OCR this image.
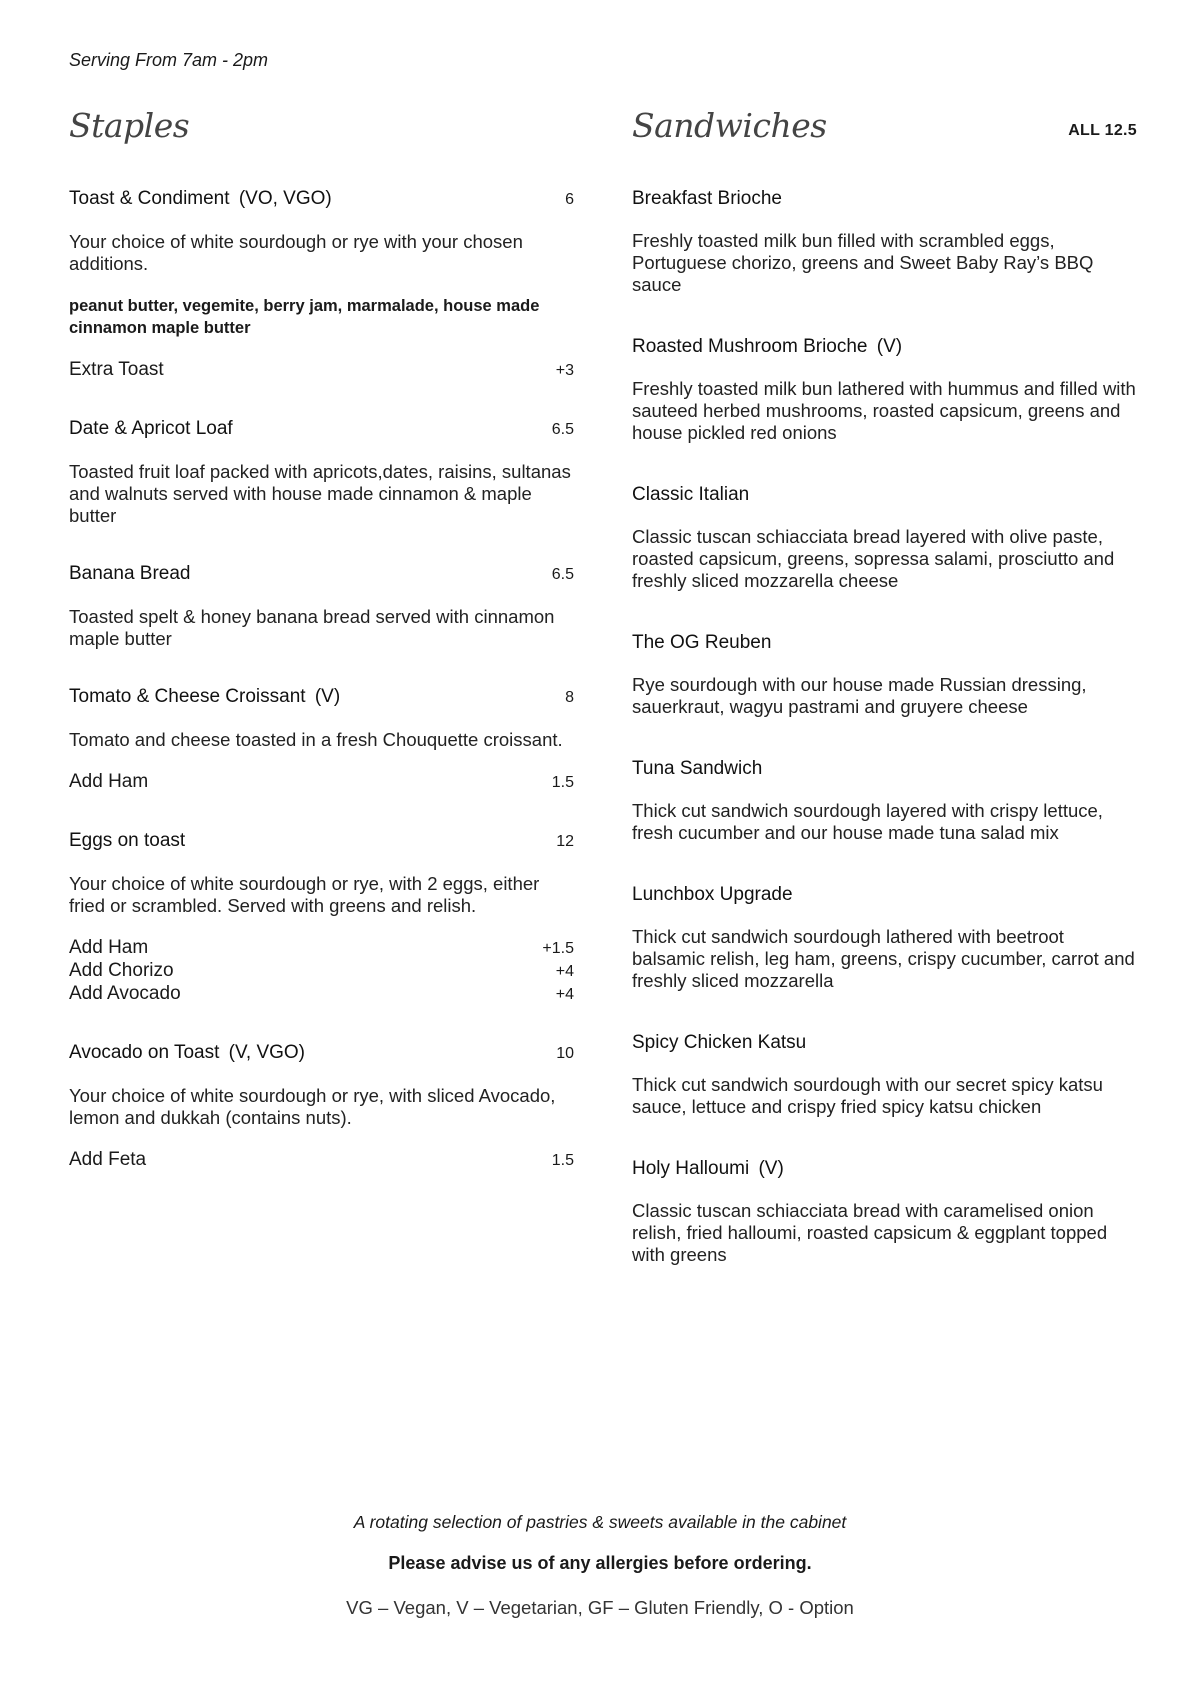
Serving From 7am - 2pm
Staples
Toast & Condiment (VO, VGO)	6
Your choice of white sourdough or rye with your chosen additions.
peanut butter, vegemite, berry jam, marmalade, house made cinnamon maple butter
Extra Toast	+3
Date & Apricot Loaf	6.5
Toasted fruit loaf packed with apricots,dates, raisins, sultanas and walnuts served with house made cinnamon & maple butter
Banana Bread	6.5
Toasted spelt & honey banana bread served with cinnamon maple butter
Tomato & Cheese Croissant (V)	8
Tomato and cheese toasted in a fresh Chouquette croissant.
Add Ham	1.5
Eggs on toast	12
Your choice of white sourdough or rye, with 2 eggs, either fried or scrambled. Served with greens and relish.
Add Ham	+1.5
Add Chorizo	+4
Add Avocado	+4
Avocado on Toast (V, VGO)	10
Your choice of white sourdough or rye, with sliced Avocado, lemon and dukkah (contains nuts).
Add Feta	1.5
Sandwiches	ALL 12.5
Breakfast Brioche
Freshly toasted milk bun filled with scrambled eggs, Portuguese chorizo, greens and Sweet Baby Ray’s BBQ sauce
Roasted Mushroom Brioche (V)
Freshly toasted milk bun lathered with hummus and filled with sauteed herbed mushrooms, roasted capsicum, greens and house pickled red onions
Classic Italian
Classic tuscan schiacciata bread layered with olive paste, roasted capsicum, greens, sopressa salami, prosciutto and freshly sliced mozzarella cheese
The OG Reuben
Rye sourdough with our house made Russian dressing, sauerkraut, wagyu pastrami and gruyere cheese
Tuna Sandwich
Thick cut sandwich sourdough layered with crispy lettuce, fresh cucumber and our house made tuna salad mix
Lunchbox Upgrade
Thick cut sandwich sourdough lathered with beetroot balsamic relish, leg ham, greens, crispy cucumber, carrot and freshly sliced mozzarella
Spicy Chicken Katsu
Thick cut sandwich sourdough with our secret spicy katsu sauce, lettuce and crispy fried spicy katsu chicken
Holy Halloumi (V)
Classic tuscan schiacciata bread with caramelised onion relish, fried halloumi, roasted capsicum & eggplant topped with greens
A rotating selection of pastries & sweets available in the cabinet
Please advise us of any allergies before ordering.
VG – Vegan, V – Vegetarian, GF – Gluten Friendly, O - Option
